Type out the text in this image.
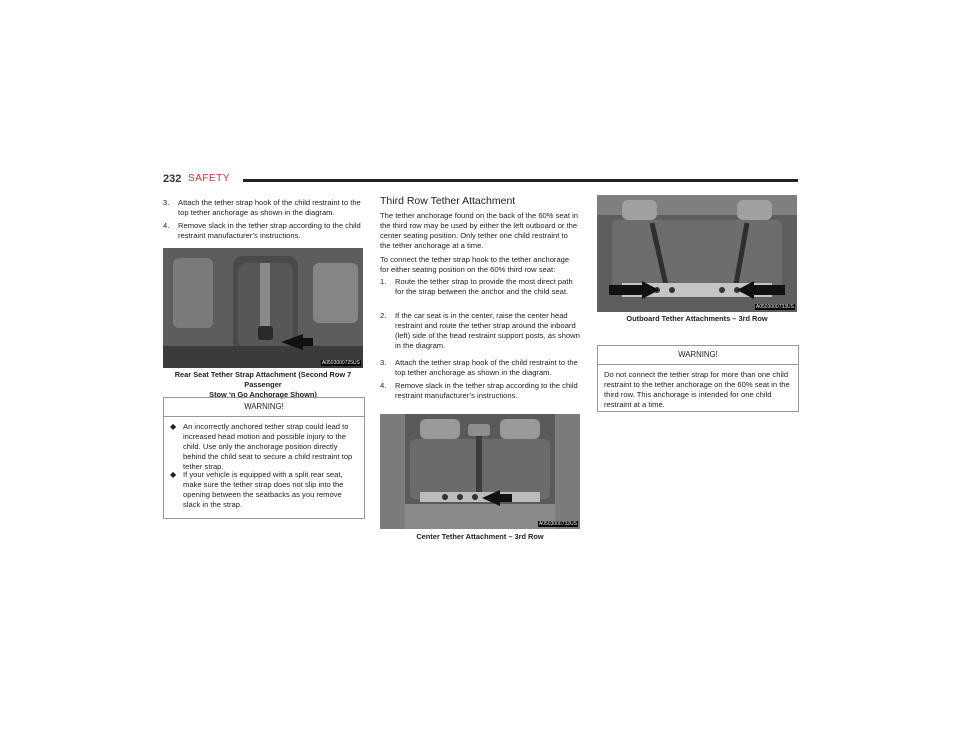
232 SAFETY
3. Attach the tether strap hook of the child restraint to the top tether anchorage as shown in the diagram.
4. Remove slack in the tether strap according to the child restraint manufacturer’s instructions.
A0503000725US
Rear Seat Tether Strap Attachment (Second Row 7 Passenger
Stow ‘n Go Anchorage Shown)
WARNING!
◆ An incorrectly anchored tether strap could lead to increased head motion and possible injury to the child. Use only the anchorage position directly behind the child seat to secure a child restraint top tether strap.
◆ If your vehicle is equipped with a split rear seat, make sure the tether strap does not slip into the opening between the seatbacks as you remove slack in the strap.
Third Row Tether Attachment
The tether anchorage found on the back of the 60% seat in the third row may be used by either the left outboard or the center seating position. Only tether one child restraint to the tether anchorage at a time.
To connect the tether strap hook to the tether anchorage for either seating position on the 60% third row seat:
1. Route the tether strap to provide the most direct path for the strap between the anchor and the child seat.
2. If the car seat is in the center, raise the center head restraint and route the tether strap around the inboard (left) side of the head restraint support posts, as shown in the diagram.
3. Attach the tether strap hook of the child restraint to the top tether anchorage as shown in the diagram.
4. Remove slack in the tether strap according to the child restraint manufacturer’s instructions.
A0503000732US
Center Tether Attachment – 3rd Row
A0503000733US
Outboard Tether Attachments – 3rd Row
WARNING!
Do not connect the tether strap for more than one child restraint to the tether anchorage on the 60% seat in the third row. This anchorage is intended for one child restraint at a time.
